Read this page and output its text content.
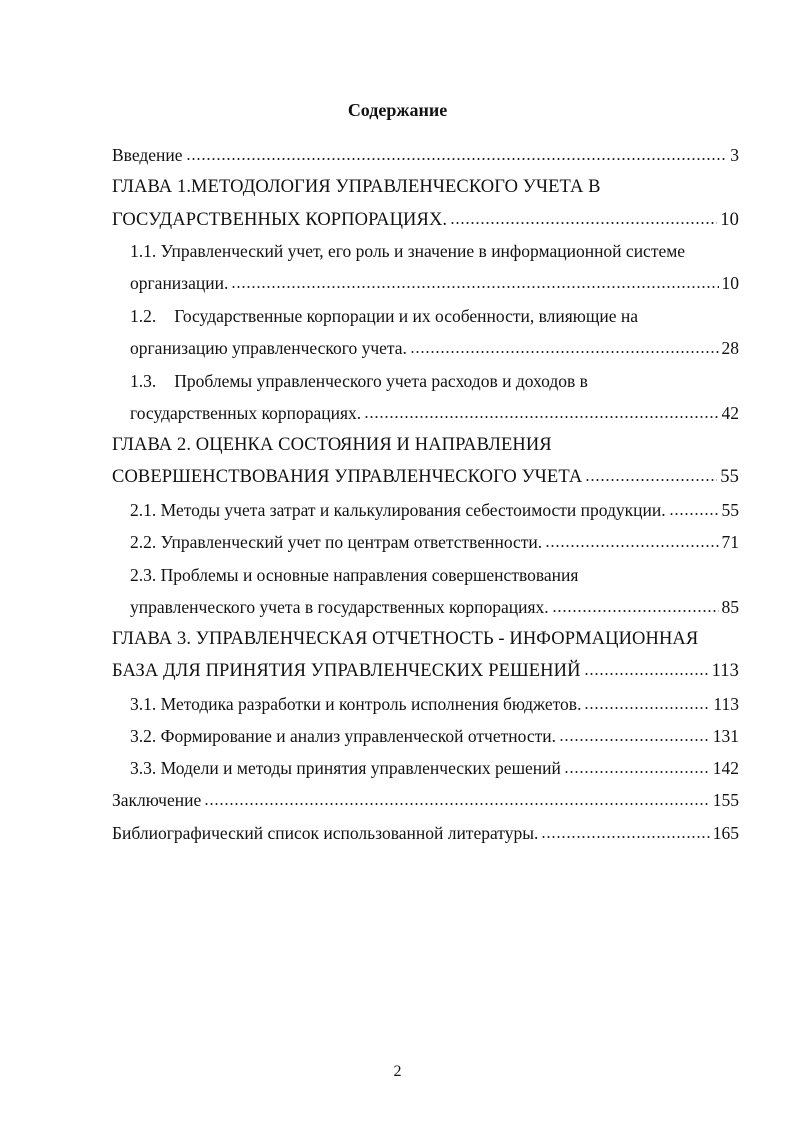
Содержание
Введение	3
ГЛАВА 1.МЕТОДОЛОГИЯ УПРАВЛЕНЧЕСКОГО УЧЕТА В
ГОСУДАРСТВЕННЫХ КОРПОРАЦИЯХ.	10
1.1. Управленческий учет, его роль и значение в информационной системе
организации.	10
1.2. Государственные корпорации и их особенности, влияющие на
организацию управленческого учета.	28
1.3. Проблемы управленческого учета расходов и доходов в
государственных корпорациях.	42
ГЛАВА 2. ОЦЕНКА СОСТОЯНИЯ И НАПРАВЛЕНИЯ
СОВЕРШЕНСТВОВАНИЯ УПРАВЛЕНЧЕСКОГО УЧЕТА	55
2.1. Методы учета затрат и калькулирования себестоимости продукции.	55
2.2. Управленческий учет по центрам ответственности.	71
2.3. Проблемы и основные направления совершенствования
управленческого учета в государственных корпорациях.	85
ГЛАВА 3. УПРАВЛЕНЧЕСКАЯ ОТЧЕТНОСТЬ - ИНФОРМАЦИОННАЯ
БАЗА ДЛЯ ПРИНЯТИЯ УПРАВЛЕНЧЕСКИХ РЕШЕНИЙ	113
3.1. Методика разработки и контроль исполнения бюджетов.	113
3.2. Формирование и анализ управленческой отчетности.	131
3.3. Модели и методы принятия управленческих решений	142
Заключение	155
Библиографический список использованной литературы.	165
2
